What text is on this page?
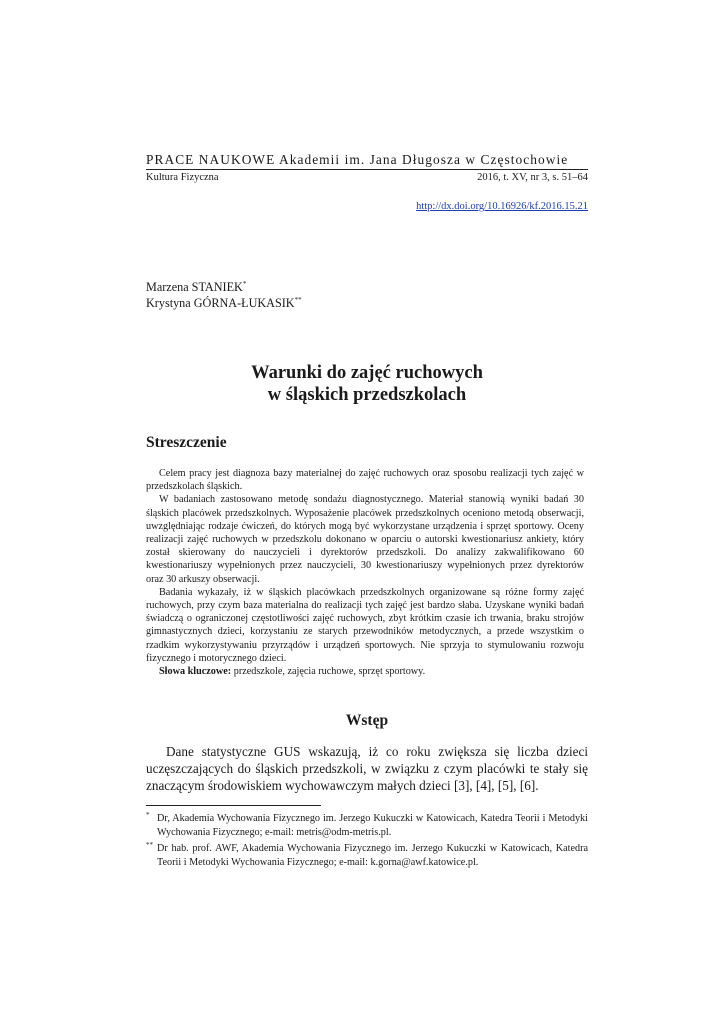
PRACE NAUKOWE Akademii im. Jana Długosza w Częstochowie
Kultura Fizyczna	2016, t. XV, nr 3, s. 51–64
http://dx.doi.org/10.16926/kf.2016.15.21
Marzena STANIEK*
Krystyna GÓRNA-ŁUKASIK**
Warunki do zajęć ruchowych
w śląskich przedszkolach
Streszczenie

Celem pracy jest diagnoza bazy materialnej do zajęć ruchowych oraz sposobu realizacji tych zajęć w przedszkolach śląskich.

W badaniach zastosowano metodę sondażu diagnostycznego. Materiał stanowią wyniki badań 30 śląskich placówek przedszkolnych. Wyposażenie placówek przedszkolnych oceniono metodą obserwacji, uwzględniając rodzaje ćwiczeń, do których mogą być wykorzystane urządzenia i sprzęt sportowy. Oceny realizacji zajęć ruchowych w przedszkolu dokonano w oparciu o autorski kwestionariusz ankiety, który został skierowany do nauczycieli i dyrektorów przedszkoli. Do analizy zakwalifikowano 60 kwestionariuszy wypełnionych przez nauczycieli, 30 kwestionariuszy wypełnionych przez dyrektorów oraz 30 arkuszy obserwacji.

Badania wykazały, iż w śląskich placówkach przedszkolnych organizowane są różne formy zajęć ruchowych, przy czym baza materialna do realizacji tych zajęć jest bardzo słaba. Uzyskane wyniki badań świadczą o ograniczonej częstotliwości zajęć ruchowych, zbyt krótkim czasie ich trwania, braku strojów gimnastycznych dzieci, korzystaniu ze starych przewodników metodycznych, a przede wszystkim o rzadkim wykorzystywaniu przyrządów i urządzeń sportowych. Nie sprzyja to stymulowaniu rozwoju fizycznego i motorycznego dzieci.

Słowa kluczowe: przedszkole, zajęcia ruchowe, sprzęt sportowy.

Wstęp

Dane statystyczne GUS wskazują, iż co roku zwiększa się liczba dzieci uczęszczających do śląskich przedszkoli, w związku z czym placówki te stały się znaczącym środowiskiem wychowawczym małych dzieci [3], [4], [5], [6].

* Dr, Akademia Wychowania Fizycznego im. Jerzego Kukuczki w Katowicach, Katedra Teorii i Metodyki Wychowania Fizycznego; e-mail: metris@odm-metris.pl.
** Dr hab. prof. AWF, Akademia Wychowania Fizycznego im. Jerzego Kukuczki w Katowicach, Katedra Teorii i Metodyki Wychowania Fizycznego; e-mail: k.gorna@awf.katowice.pl.
